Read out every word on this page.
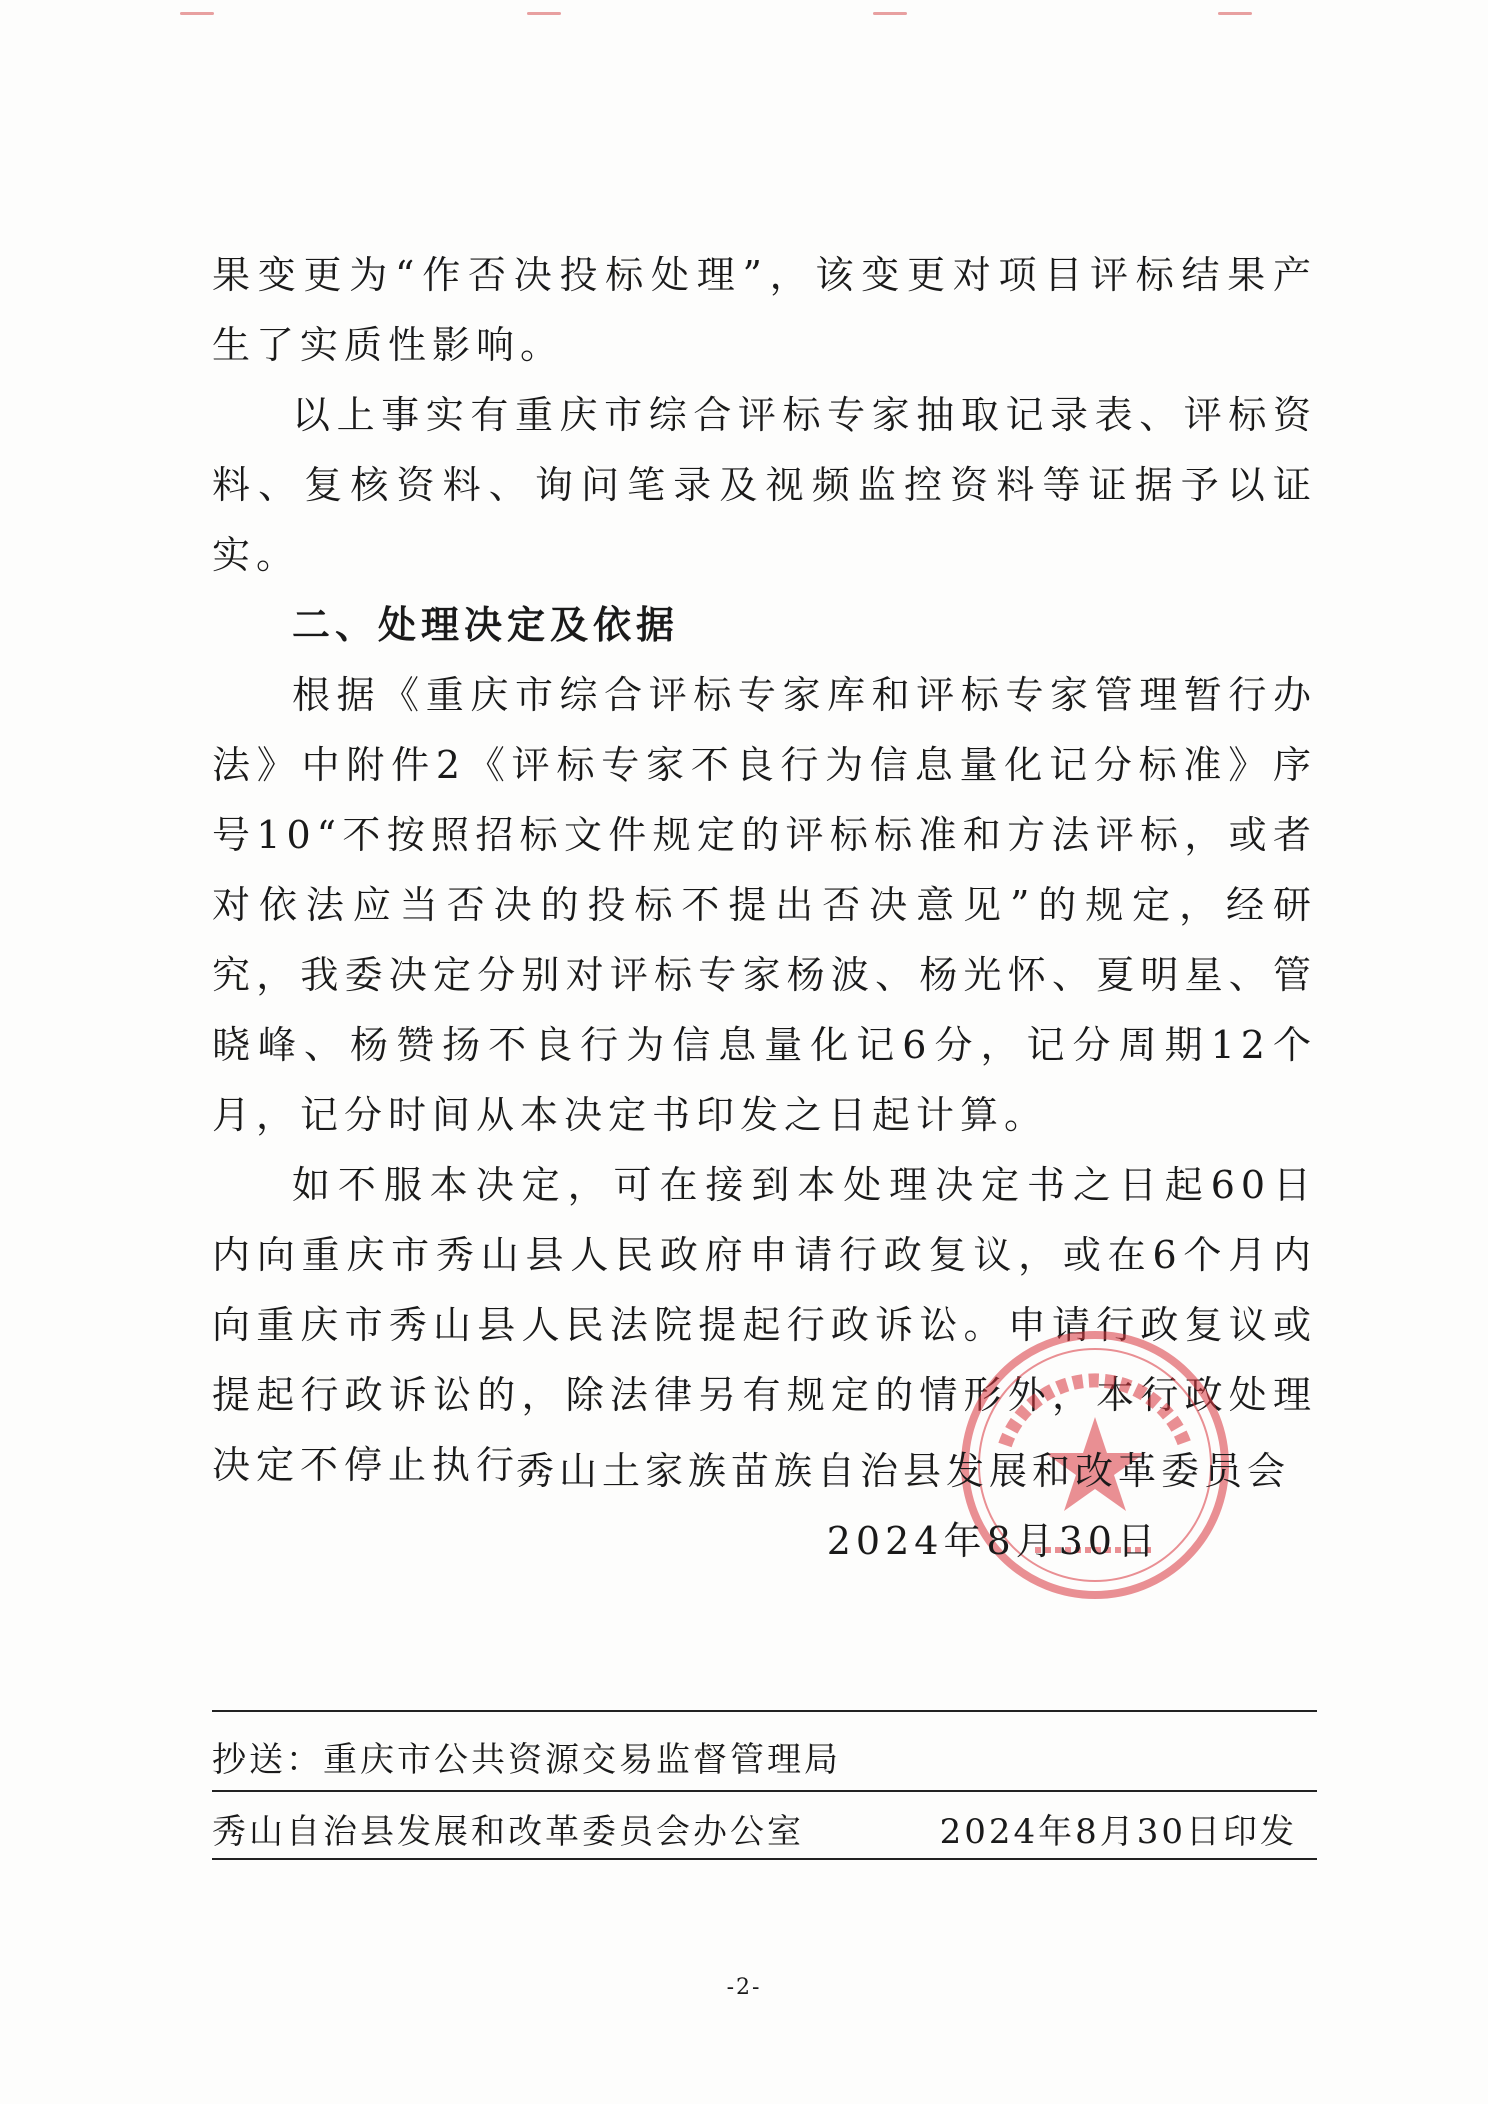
果变更为“作否决投标处理”，该变更对项目评标结果产生了实质性影响。

以上事实有重庆市综合评标专家抽取记录表、评标资料、复核资料、询问笔录及视频监控资料等证据予以证实。

二、处理决定及依据

根据《重庆市综合评标专家库和评标专家管理暂行办法》中附件2《评标专家不良行为信息量化记分标准》序号10“不按照招标文件规定的评标标准和方法评标，或者对依法应当否决的投标不提出否决意见”的规定，经研究，我委决定分别对评标专家杨波、杨光怀、夏明星、管晓峰、杨赞扬不良行为信息量化记6分，记分周期12个月，记分时间从本决定书印发之日起计算。

如不服本决定，可在接到本处理决定书之日起60日内向重庆市秀山县人民政府申请行政复议，或在6个月内向重庆市秀山县人民法院提起行政诉讼。申请行政复议或提起行政诉讼的，除法律另有规定的情形外，本行政处理决定不停止执行。

秀山土家族苗族自治县发展和改革委员会
2024年8月30日
抄送：重庆市公共资源交易监督管理局
秀山自治县发展和改革委员会办公室	2024年8月30日印发
-2-
